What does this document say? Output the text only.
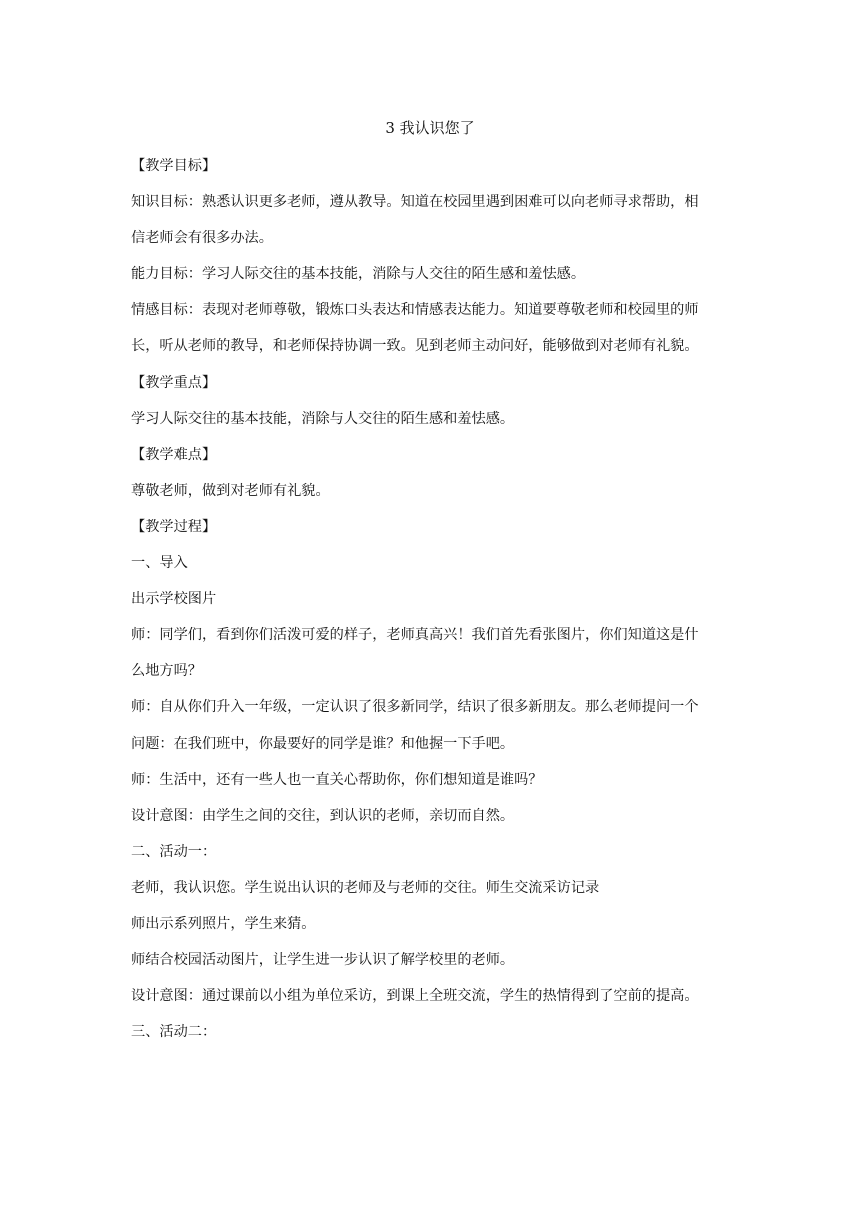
3 我认识您了
【教学目标】
知识目标：熟悉认识更多老师，遵从教导。知道在校园里遇到困难可以向老师寻求帮助，相
信老师会有很多办法。
能力目标：学习人际交往的基本技能，消除与人交往的陌生感和羞怯感。
情感目标：表现对老师尊敬，锻炼口头表达和情感表达能力。知道要尊敬老师和校园里的师
长，听从老师的教导，和老师保持协调一致。见到老师主动问好，能够做到对老师有礼貌。
【教学重点】
学习人际交往的基本技能，消除与人交往的陌生感和羞怯感。
【教学难点】
尊敬老师，做到对老师有礼貌。
【教学过程】
一、导入
出示学校图片
师：同学们，看到你们活泼可爱的样子，老师真高兴！我们首先看张图片，你们知道这是什
么地方吗？
师：自从你们升入一年级，一定认识了很多新同学，结识了很多新朋友。那么老师提问一个
问题：在我们班中，你最要好的同学是谁？和他握一下手吧。
师：生活中，还有一些人也一直关心帮助你，你们想知道是谁吗？
设计意图：由学生之间的交往，到认识的老师，亲切而自然。
二、活动一：
老师，我认识您。学生说出认识的老师及与老师的交往。师生交流采访记录
师出示系列照片，学生来猜。
师结合校园活动图片，让学生进一步认识了解学校里的老师。
设计意图：通过课前以小组为单位采访，到课上全班交流，学生的热情得到了空前的提高。
三、活动二：
